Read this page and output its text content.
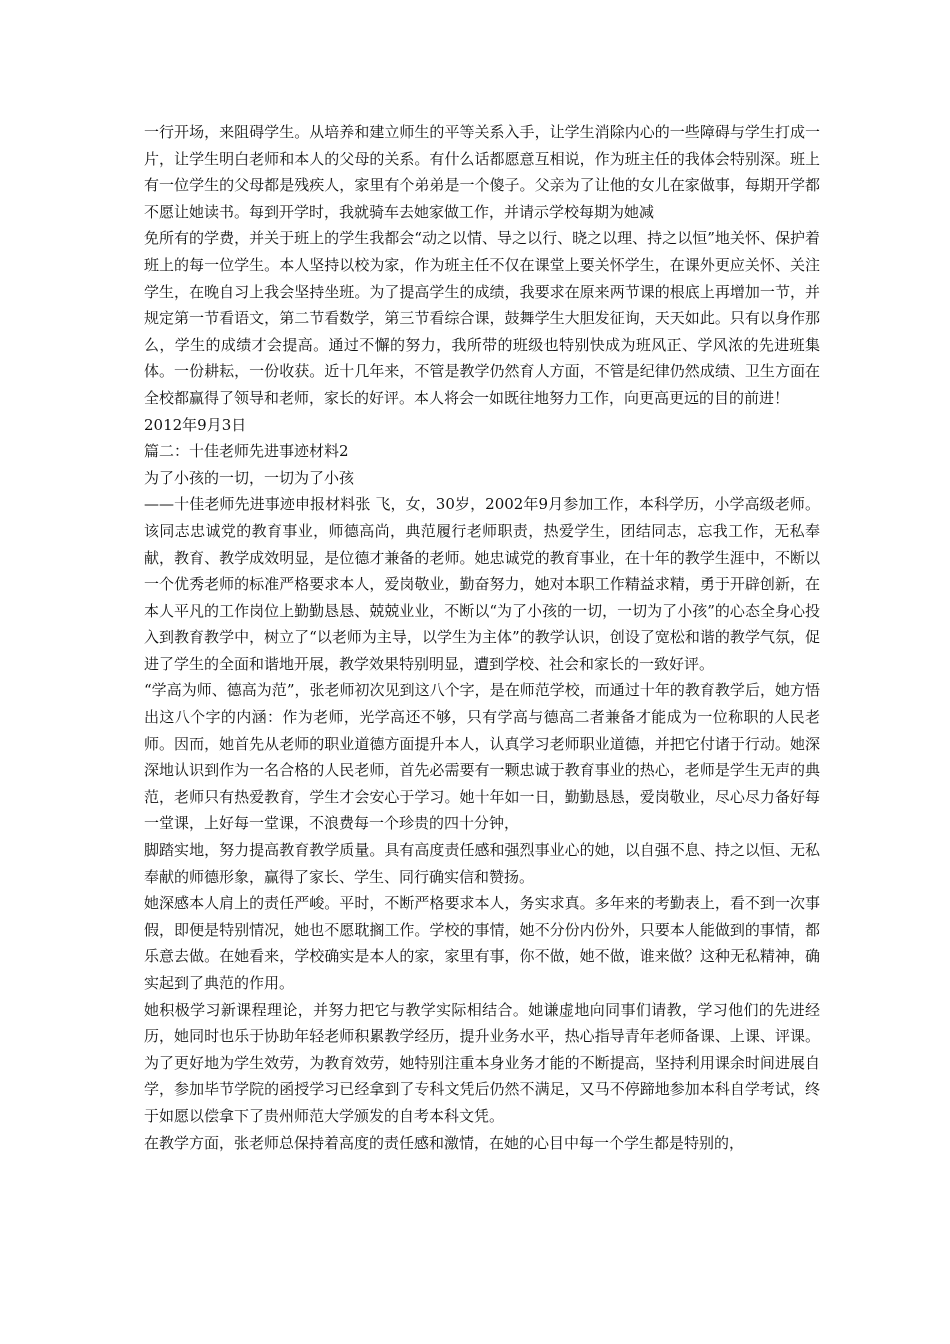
一行开场，来阻碍学生。从培养和建立师生的平等关系入手，让学生消除内心的一些障碍与学生打成一片，让学生明白老师和本人的父母的关系。有什么话都愿意互相说，作为班主任的我体会特别深。班上有一位学生的父母都是残疾人，家里有个弟弟是一个傻子。父亲为了让他的女儿在家做事，每期开学都不愿让她读书。每到开学时，我就骑车去她家做工作，并请示学校每期为她减

免所有的学费，并关于班上的学生我都会“动之以情、导之以行、晓之以理、持之以恒”地关怀、保护着班上的每一位学生。本人坚持以校为家，作为班主任不仅在课堂上要关怀学生，在课外更应关怀、关注学生，在晚自习上我会坚持坐班。为了提高学生的成绩，我要求在原来两节课的根底上再增加一节，并规定第一节看语文，第二节看数学，第三节看综合课，鼓舞学生大胆发征询，天天如此。只有以身作那么，学生的成绩才会提高。通过不懈的努力，我所带的班级也特别快成为班风正、学风浓的先进班集体。一份耕耘，一份收获。近十几年来，不管是教学仍然育人方面，不管是纪律仍然成绩、卫生方面在全校都赢得了领导和老师，家长的好评。本人将会一如既往地努力工作，向更高更远的目的前进！

2012年9月3日

篇二：十佳老师先进事迹材料2

为了小孩的一切，一切为了小孩

——十佳老师先进事迹申报材料张 飞，女，30岁，2002年9月参加工作，本科学历，小学高级老师。该同志忠诚党的教育事业，师德高尚，典范履行老师职责，热爱学生，团结同志，忘我工作，无私奉献，教育、教学成效明显，是位德才兼备的老师。她忠诚党的教育事业，在十年的教学生涯中，不断以一个优秀老师的标准严格要求本人，爱岗敬业，勤奋努力，她对本职工作精益求精，勇于开辟创新，在本人平凡的工作岗位上勤勤恳恳、兢兢业业，不断以“为了小孩的一切，一切为了小孩”的心态全身心投入到教育教学中，树立了“以老师为主导，以学生为主体”的教学认识，创设了宽松和谐的教学气氛，促进了学生的全面和谐地开展，教学效果特别明显，遭到学校、社会和家长的一致好评。

“学高为师、德高为范”，张老师初次见到这八个字，是在师范学校，而通过十年的教育教学后，她方悟出这八个字的内涵：作为老师，光学高还不够，只有学高与德高二者兼备才能成为一位称职的人民老师。因而，她首先从老师的职业道德方面提升本人，认真学习老师职业道德，并把它付诸于行动。她深深地认识到作为一名合格的人民老师，首先必需要有一颗忠诚于教育事业的热心，老师是学生无声的典范，老师只有热爱教育，学生才会安心于学习。她十年如一日，勤勤恳恳，爱岗敬业，尽心尽力备好每一堂课，上好每一堂课，不浪费每一个珍贵的四十分钟，

脚踏实地，努力提高教育教学质量。具有高度责任感和强烈事业心的她，以自强不息、持之以恒、无私奉献的师德形象，赢得了家长、学生、同行确实信和赞扬。

她深感本人肩上的责任严峻。平时，不断严格要求本人，务实求真。多年来的考勤表上，看不到一次事假，即便是特别情况，她也不愿耽搁工作。学校的事情，她不分份内份外，只要本人能做到的事情，都乐意去做。在她看来，学校确实是本人的家，家里有事，你不做，她不做，谁来做？这种无私精神，确实起到了典范的作用。

她积极学习新课程理论，并努力把它与教学实际相结合。她谦虚地向同事们请教，学习他们的先进经历，她同时也乐于协助年轻老师积累教学经历，提升业务水平，热心指导青年老师备课、上课、评课。为了更好地为学生效劳，为教育效劳，她特别注重本身业务才能的不断提高，坚持利用课余时间进展自学，参加毕节学院的函授学习已经拿到了专科文凭后仍然不满足，又马不停蹄地参加本科自学考试，终于如愿以偿拿下了贵州师范大学颁发的自考本科文凭。

在教学方面，张老师总保持着高度的责任感和激情，在她的心目中每一个学生都是特别的，
